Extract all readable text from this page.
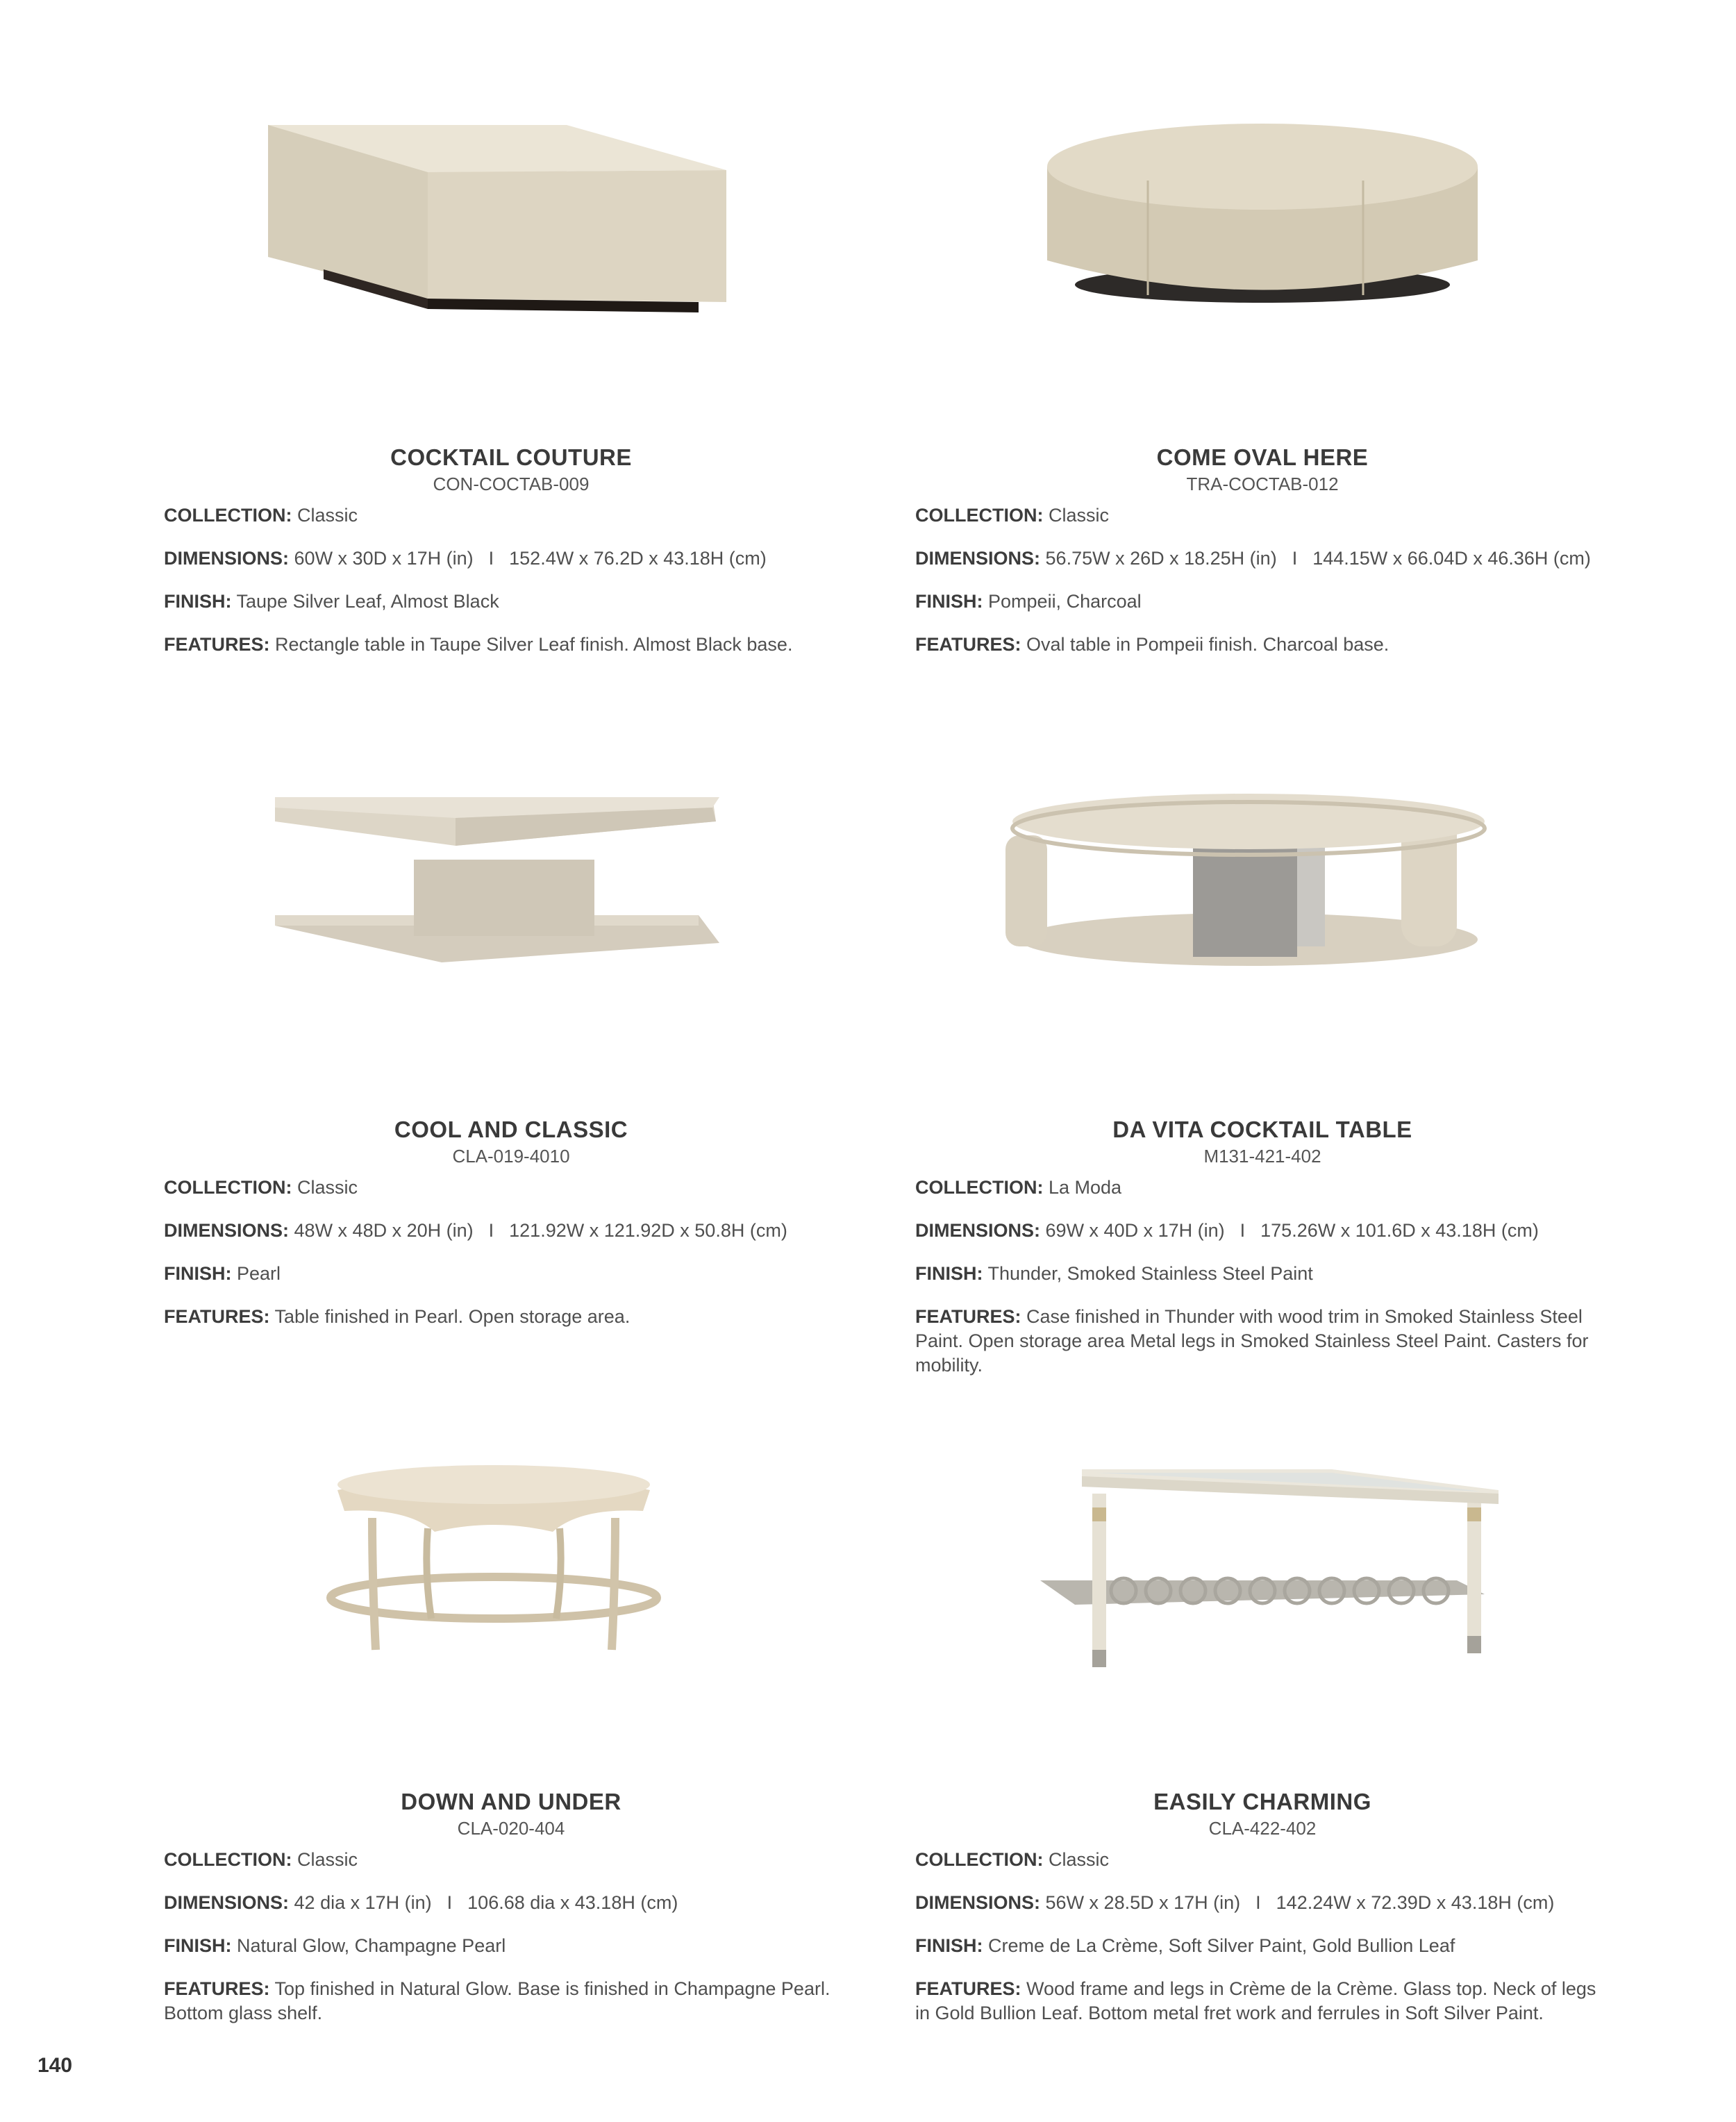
COCKTAIL COUTURE
CON-COCTAB-009

COLLECTION: Classic

DIMENSIONS: 60W x 30D x 17H (in) I 152.4W x 76.2D x 43.18H (cm)

FINISH: Taupe Silver Leaf, Almost Black

FEATURES: Rectangle table in Taupe Silver Leaf finish. Almost Black base.

COME OVAL HERE
TRA-COCTAB-012

COLLECTION: Classic

DIMENSIONS: 56.75W x 26D x 18.25H (in) I 144.15W x 66.04D x 46.36H (cm)

FINISH: Pompeii, Charcoal

FEATURES: Oval table in Pompeii finish. Charcoal base.

COOL AND CLASSIC
CLA-019-4010

COLLECTION: Classic

DIMENSIONS: 48W x 48D x 20H (in) I 121.92W x 121.92D x 50.8H (cm)

FINISH: Pearl

FEATURES: Table finished in Pearl. Open storage area.

DA VITA COCKTAIL TABLE
M131-421-402

COLLECTION: La Moda

DIMENSIONS: 69W x 40D x 17H (in) I 175.26W x 101.6D x 43.18H (cm)

FINISH: Thunder, Smoked Stainless Steel Paint

FEATURES: Case finished in Thunder with wood trim in Smoked Stainless Steel Paint. Open storage area Metal legs in Smoked Stainless Steel Paint. Casters for mobility.

DOWN AND UNDER
CLA-020-404

COLLECTION: Classic

DIMENSIONS: 42 dia x 17H (in) I 106.68 dia x 43.18H (cm)

FINISH: Natural Glow, Champagne Pearl

FEATURES: Top finished in Natural Glow. Base is finished in Champagne Pearl. Bottom glass shelf.

EASILY CHARMING
CLA-422-402

COLLECTION: Classic

DIMENSIONS: 56W x 28.5D x 17H (in) I 142.24W x 72.39D x 43.18H (cm)

FINISH: Creme de La Crème, Soft Silver Paint, Gold Bullion Leaf

FEATURES: Wood frame and legs in Crème de la Crème. Glass top. Neck of legs in Gold Bullion Leaf. Bottom metal fret work and ferrules in Soft Silver Paint.

140
